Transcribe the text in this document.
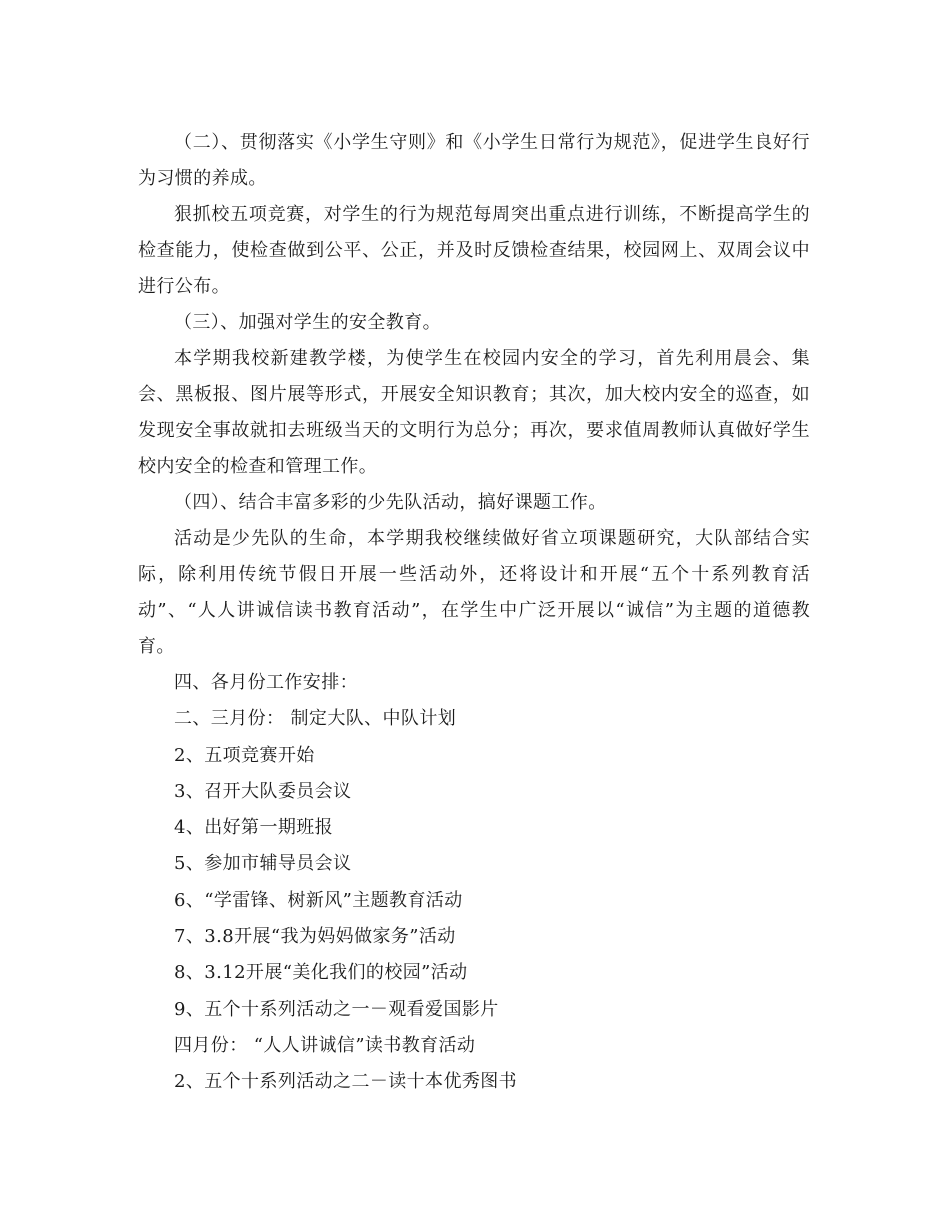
（二）、贯彻落实《小学生守则》和《小学生日常行为规范》，促进学生良好行为习惯的养成。

狠抓校五项竞赛，对学生的行为规范每周突出重点进行训练，不断提高学生的检查能力，使检查做到公平、公正，并及时反馈检查结果，校园网上、双周会议中进行公布。

（三）、加强对学生的安全教育。

本学期我校新建教学楼，为使学生在校园内安全的学习，首先利用晨会、集会、黑板报、图片展等形式，开展安全知识教育；其次，加大校内安全的巡查，如发现安全事故就扣去班级当天的文明行为总分；再次，要求值周教师认真做好学生校内安全的检查和管理工作。

（四）、结合丰富多彩的少先队活动，搞好课题工作。

活动是少先队的生命，本学期我校继续做好省立项课题研究，大队部结合实际，除利用传统节假日开展一些活动外，还将设计和开展“五个十系列教育活动”、“人人讲诚信读书教育活动”，在学生中广泛开展以“诚信”为主题的道德教育。

四、各月份工作安排：

二、三月份： 制定大队、中队计划

2、五项竞赛开始

3、召开大队委员会议

4、出好第一期班报

5、参加市辅导员会议

6、“学雷锋、树新风”主题教育活动

7、3.8开展“我为妈妈做家务”活动

8、3.12开展“美化我们的校园”活动

9、五个十系列活动之一－观看爱国影片

四月份： “人人讲诚信”读书教育活动

2、五个十系列活动之二－读十本优秀图书
